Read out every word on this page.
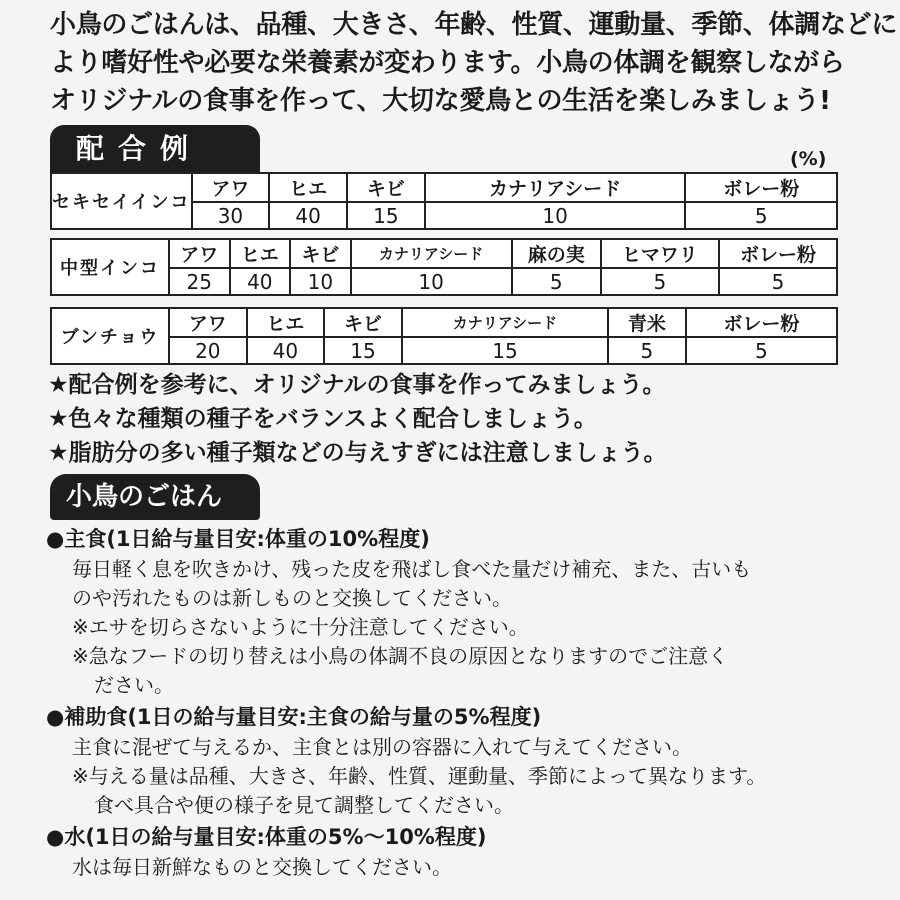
小鳥のごはんは、品種、大きさ、年齢、性質、運動量、季節、体調などに
より嗜好性や必要な栄養素が変わります。小鳥の体調を観察しながら
オリジナルの食事を作って、大切な愛鳥との生活を楽しみましょう!
配合例	(%)
セキセイインコ	アワ	ヒエ	キビ	カナリアシード	ボレー粉
	30	40	15	10	5
中型インコ	アワ	ヒエ	キビ	カナリアシード	麻の実	ヒマワリ	ボレー粉
	25	40	10	10	5	5	5
ブンチョウ	アワ	ヒエ	キビ	カナリアシード	青米	ボレー粉
	20	40	15	15	5	5
★配合例を参考に、オリジナルの食事を作ってみましょう。
★色々な種類の種子をバランスよく配合しましょう。
★脂肪分の多い種子類などの与えすぎには注意しましょう。
小鳥のごはん
●主食(1日給与量目安:体重の10%程度)
毎日軽く息を吹きかけ、残った皮を飛ばし食べた量だけ補充、また、古いも
のや汚れたものは新しものと交換してください。
※エサを切らさないように十分注意してください。
※急なフードの切り替えは小鳥の体調不良の原因となりますのでご注意く
ださい。
●補助食(1日の給与量目安:主食の給与量の5%程度)
主食に混ぜて与えるか、主食とは別の容器に入れて与えてください。
※与える量は品種、大きさ、年齢、性質、運動量、季節によって異なります。
食べ具合や便の様子を見て調整してください。
●水(1日の給与量目安:体重の5%〜10%程度)
水は毎日新鮮なものと交換してください。
